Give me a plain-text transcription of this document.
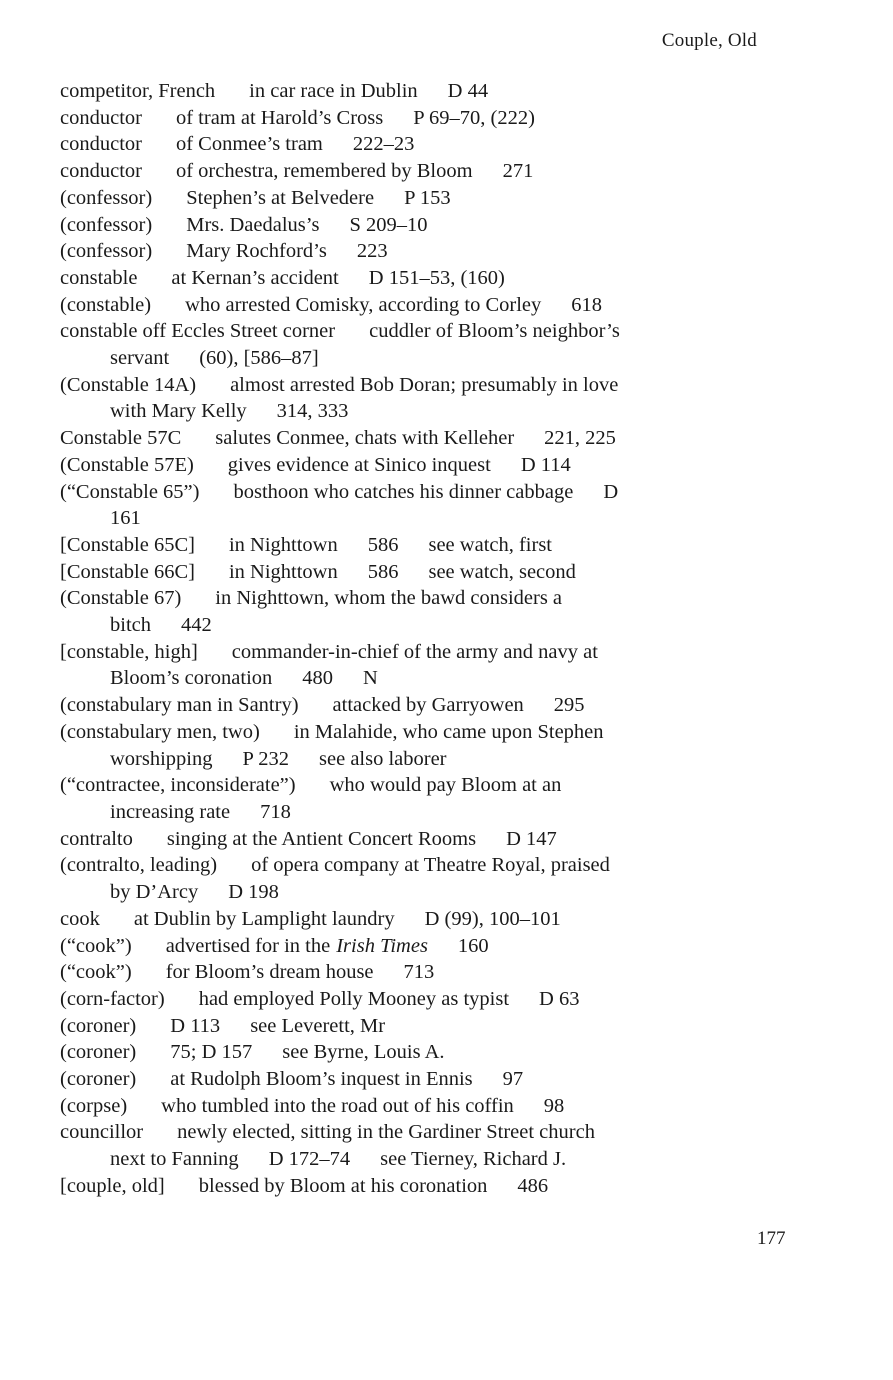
Couple, Old
competitor, French in car race in Dublin D 44
conductor of tram at Harold’s Cross P 69–70, (222)
conductor of Conmee’s tram 222–23
conductor of orchestra, remembered by Bloom 271
(confessor) Stephen’s at Belvedere P 153
(confessor) Mrs. Daedalus’s S 209–10
(confessor) Mary Rochford’s 223
constable at Kernan’s accident D 151–53, (160)
(constable) who arrested Comisky, according to Corley 618
constable off Eccles Street corner cuddler of Bloom’s neighbor’s
servant (60), [586–87]
(Constable 14A) almost arrested Bob Doran; presumably in love
with Mary Kelly 314, 333
Constable 57C salutes Conmee, chats with Kelleher 221, 225
(Constable 57E) gives evidence at Sinico inquest D 114
(“Constable 65”) bosthoon who catches his dinner cabbage D
161
[Constable 65C] in Nighttown 586 see watch, first
[Constable 66C] in Nighttown 586 see watch, second
(Constable 67) in Nighttown, whom the bawd considers a
bitch 442
[constable, high] commander-in-chief of the army and navy at
Bloom’s coronation 480 N
(constabulary man in Santry) attacked by Garryowen 295
(constabulary men, two) in Malahide, who came upon Stephen
worshipping P 232 see also laborer
(“contractee, inconsiderate”) who would pay Bloom at an
increasing rate 718
contralto singing at the Antient Concert Rooms D 147
(contralto, leading) of opera company at Theatre Royal, praised
by D’Arcy D 198
cook at Dublin by Lamplight laundry D (99), 100–101
(“cook”) advertised for in the Irish Times 160
(“cook”) for Bloom’s dream house 713
(corn-factor) had employed Polly Mooney as typist D 63
(coroner) D 113 see Leverett, Mr
(coroner) 75; D 157 see Byrne, Louis A.
(coroner) at Rudolph Bloom’s inquest in Ennis 97
(corpse) who tumbled into the road out of his coffin 98
councillor newly elected, sitting in the Gardiner Street church
next to Fanning D 172–74 see Tierney, Richard J.
[couple, old] blessed by Bloom at his coronation 486
177
